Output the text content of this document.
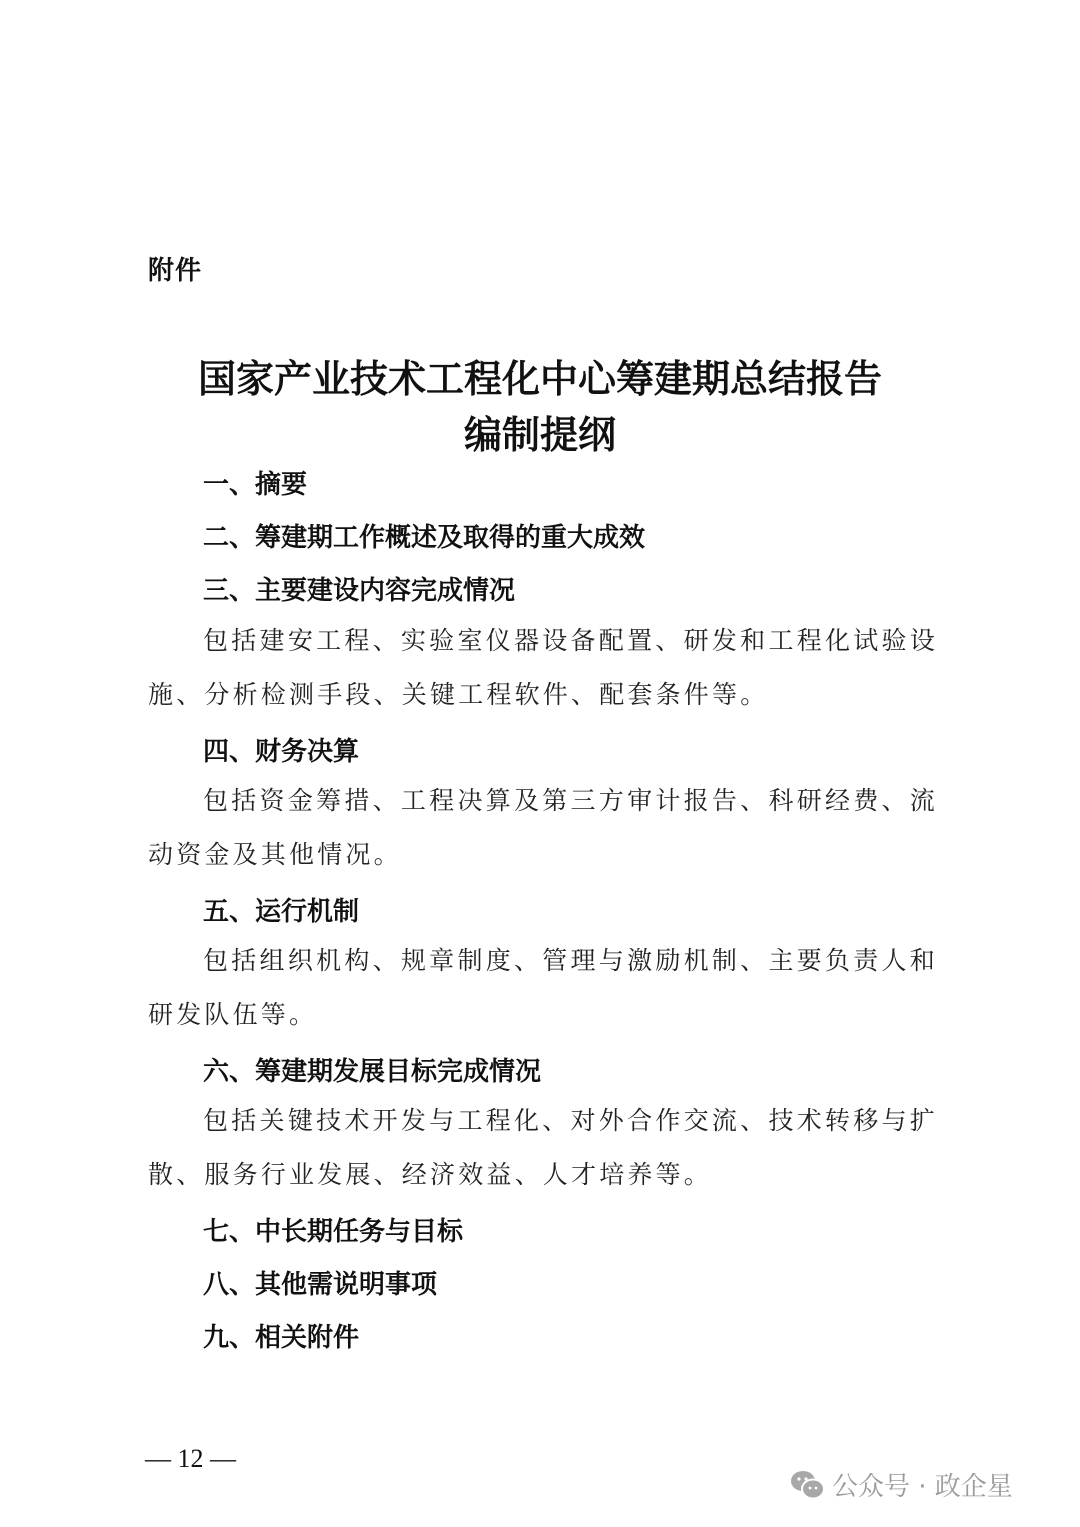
附件
国家产业技术工程化中心筹建期总结报告
编制提纲
一、摘要
二、筹建期工作概述及取得的重大成效
三、主要建设内容完成情况
包括建安工程、实验室仪器设备配置、研发和工程化试验设施、分析检测手段、关键工程软件、配套条件等。
四、财务决算
包括资金筹措、工程决算及第三方审计报告、科研经费、流动资金及其他情况。
五、运行机制
包括组织机构、规章制度、管理与激励机制、主要负责人和研发队伍等。
六、筹建期发展目标完成情况
包括关键技术开发与工程化、对外合作交流、技术转移与扩散、服务行业发展、经济效益、人才培养等。
七、中长期任务与目标
八、其他需说明事项
九、相关附件
— 12 —
公众号 · 政企星
